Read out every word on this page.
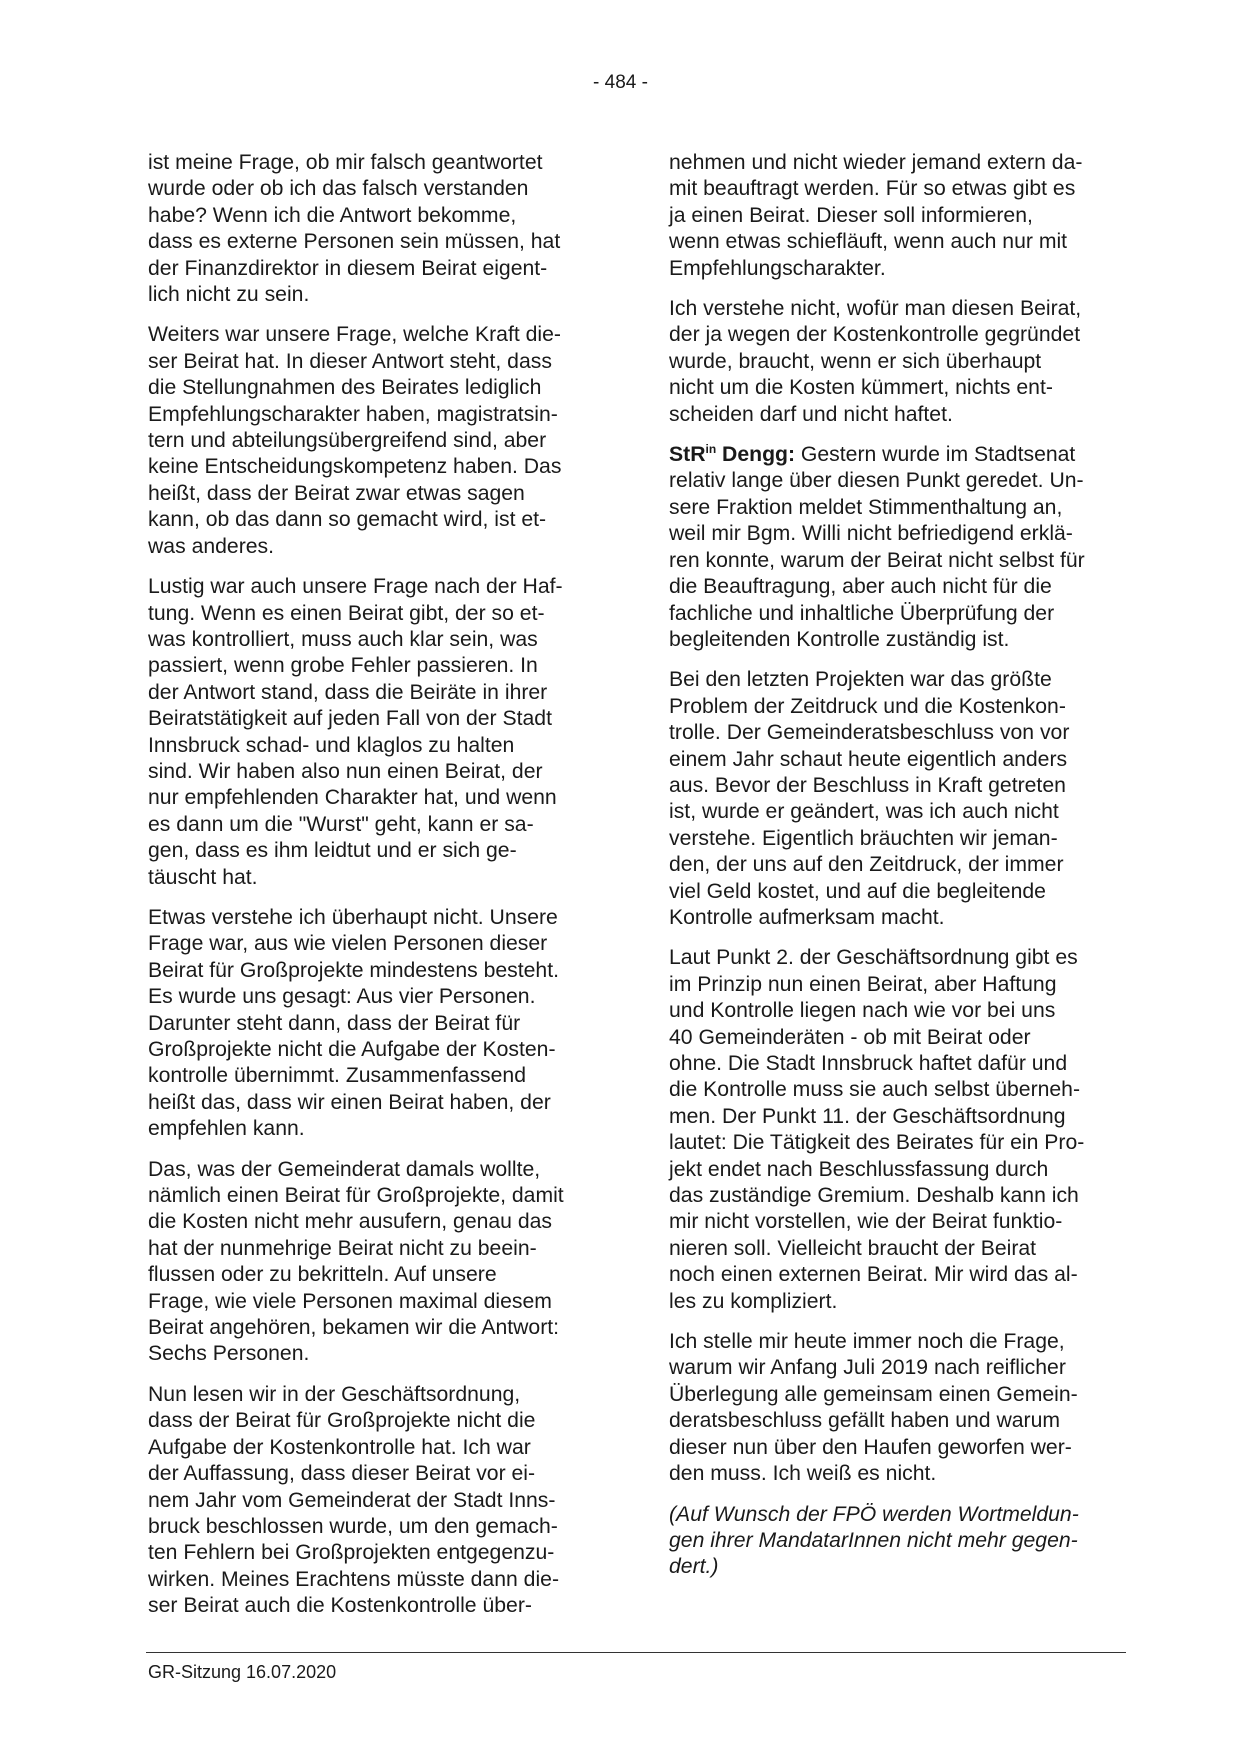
- 484 -

ist meine Frage, ob mir falsch geantwortet
wurde oder ob ich das falsch verstanden
habe? Wenn ich die Antwort bekomme,
dass es externe Personen sein müssen, hat
der Finanzdirektor in diesem Beirat eigent-
lich nicht zu sein.

Weiters war unsere Frage, welche Kraft die-
ser Beirat hat. In dieser Antwort steht, dass
die Stellungnahmen des Beirates lediglich
Empfehlungscharakter haben, magistratsin-
tern und abteilungsübergreifend sind, aber
keine Entscheidungskompetenz haben. Das
heißt, dass der Beirat zwar etwas sagen
kann, ob das dann so gemacht wird, ist et-
was anderes.

Lustig war auch unsere Frage nach der Haf-
tung. Wenn es einen Beirat gibt, der so et-
was kontrolliert, muss auch klar sein, was
passiert, wenn grobe Fehler passieren. In
der Antwort stand, dass die Beiräte in ihrer
Beiratstätigkeit auf jeden Fall von der Stadt
Innsbruck schad- und klaglos zu halten
sind. Wir haben also nun einen Beirat, der
nur empfehlenden Charakter hat, und wenn
es dann um die "Wurst" geht, kann er sa-
gen, dass es ihm leidtut und er sich ge-
täuscht hat.

Etwas verstehe ich überhaupt nicht. Unsere
Frage war, aus wie vielen Personen dieser
Beirat für Großprojekte mindestens besteht.
Es wurde uns gesagt: Aus vier Personen.
Darunter steht dann, dass der Beirat für
Großprojekte nicht die Aufgabe der Kosten-
kontrolle übernimmt. Zusammenfassend
heißt das, dass wir einen Beirat haben, der
empfehlen kann.

Das, was der Gemeinderat damals wollte,
nämlich einen Beirat für Großprojekte, damit
die Kosten nicht mehr ausufern, genau das
hat der nunmehrige Beirat nicht zu beein-
flussen oder zu bekritteln. Auf unsere
Frage, wie viele Personen maximal diesem
Beirat angehören, bekamen wir die Antwort:
Sechs Personen.

Nun lesen wir in der Geschäftsordnung,
dass der Beirat für Großprojekte nicht die
Aufgabe der Kostenkontrolle hat. Ich war
der Auffassung, dass dieser Beirat vor ei-
nem Jahr vom Gemeinderat der Stadt Inns-
bruck beschlossen wurde, um den gemach-
ten Fehlern bei Großprojekten entgegenzu-
wirken. Meines Erachtens müsste dann die-
ser Beirat auch die Kostenkontrolle über-

nehmen und nicht wieder jemand extern da-
mit beauftragt werden. Für so etwas gibt es
ja einen Beirat. Dieser soll informieren,
wenn etwas schiefläuft, wenn auch nur mit
Empfehlungscharakter.

Ich verstehe nicht, wofür man diesen Beirat,
der ja wegen der Kostenkontrolle gegründet
wurde, braucht, wenn er sich überhaupt
nicht um die Kosten kümmert, nichts ent-
scheiden darf und nicht haftet.

StR$^{in}$ Dengg: Gestern wurde im Stadtsenat
relativ lange über diesen Punkt geredet. Un-
sere Fraktion meldet Stimmenthaltung an,
weil mir Bgm. Willi nicht befriedigend erklä-
ren konnte, warum der Beirat nicht selbst für
die Beauftragung, aber auch nicht für die
fachliche und inhaltliche Überprüfung der
begleitenden Kontrolle zuständig ist.

Bei den letzten Projekten war das größte
Problem der Zeitdruck und die Kostenkon-
trolle. Der Gemeinderatsbeschluss von vor
einem Jahr schaut heute eigentlich anders
aus. Bevor der Beschluss in Kraft getreten
ist, wurde er geändert, was ich auch nicht
verstehe. Eigentlich bräuchten wir jeman-
den, der uns auf den Zeitdruck, der immer
viel Geld kostet, und auf die begleitende
Kontrolle aufmerksam macht.

Laut Punkt 2. der Geschäftsordnung gibt es
im Prinzip nun einen Beirat, aber Haftung
und Kontrolle liegen nach wie vor bei uns
40 Gemeinderäten - ob mit Beirat oder
ohne. Die Stadt Innsbruck haftet dafür und
die Kontrolle muss sie auch selbst überneh-
men. Der Punkt 11. der Geschäftsordnung
lautet: Die Tätigkeit des Beirates für ein Pro-
jekt endet nach Beschlussfassung durch
das zuständige Gremium. Deshalb kann ich
mir nicht vorstellen, wie der Beirat funktio-
nieren soll. Vielleicht braucht der Beirat
noch einen externen Beirat. Mir wird das al-
les zu kompliziert.

Ich stelle mir heute immer noch die Frage,
warum wir Anfang Juli 2019 nach reiflicher
Überlegung alle gemeinsam einen Gemein-
deratsbeschluss gefällt haben und warum
dieser nun über den Haufen geworfen wer-
den muss. Ich weiß es nicht.

(Auf Wunsch der FPÖ werden Wortmeldun-
gen ihrer MandatarInnen nicht mehr gegen-
dert.)

GR-Sitzung 16.07.2020
